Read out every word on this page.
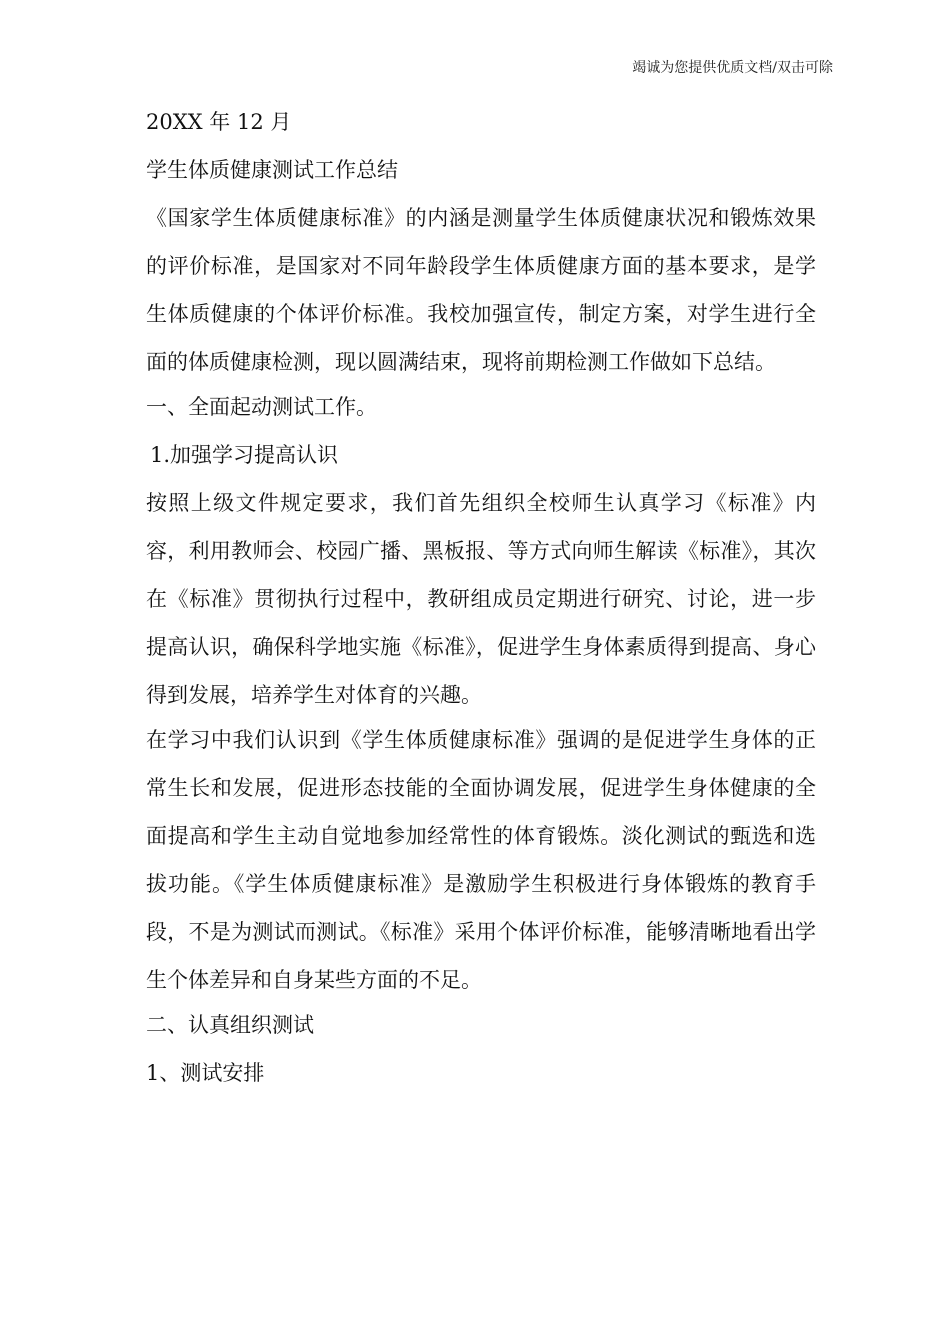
竭诚为您提供优质文档/双击可除
20XX 年 12 月
学生体质健康测试工作总结
《国家学生体质健康标准》的内涵是测量学生体质健康状况和锻炼效果的评价标准，是国家对不同年龄段学生体质健康方面的基本要求，是学生体质健康的个体评价标准。我校加强宣传，制定方案，对学生进行全面的体质健康检测，现以圆满结束，现将前期检测工作做如下总结。
一、全面起动测试工作。
1.加强学习提高认识
按照上级文件规定要求，我们首先组织全校师生认真学习《标准》内容，利用教师会、校园广播、黑板报、等方式向师生解读《标准》，其次在《标准》贯彻执行过程中，教研组成员定期进行研究、讨论，进一步提高认识，确保科学地实施《标准》，促进学生身体素质得到提高、身心得到发展，培养学生对体育的兴趣。
在学习中我们认识到《学生体质健康标准》强调的是促进学生身体的正常生长和发展，促进形态技能的全面协调发展，促进学生身体健康的全面提高和学生主动自觉地参加经常性的体育锻炼。淡化测试的甄选和选拔功能。《学生体质健康标准》是激励学生积极进行身体锻炼的教育手段，不是为测试而测试。《标准》采用个体评价标准，能够清晰地看出学生个体差异和自身某些方面的不足。
二、认真组织测试
1、测试安排
